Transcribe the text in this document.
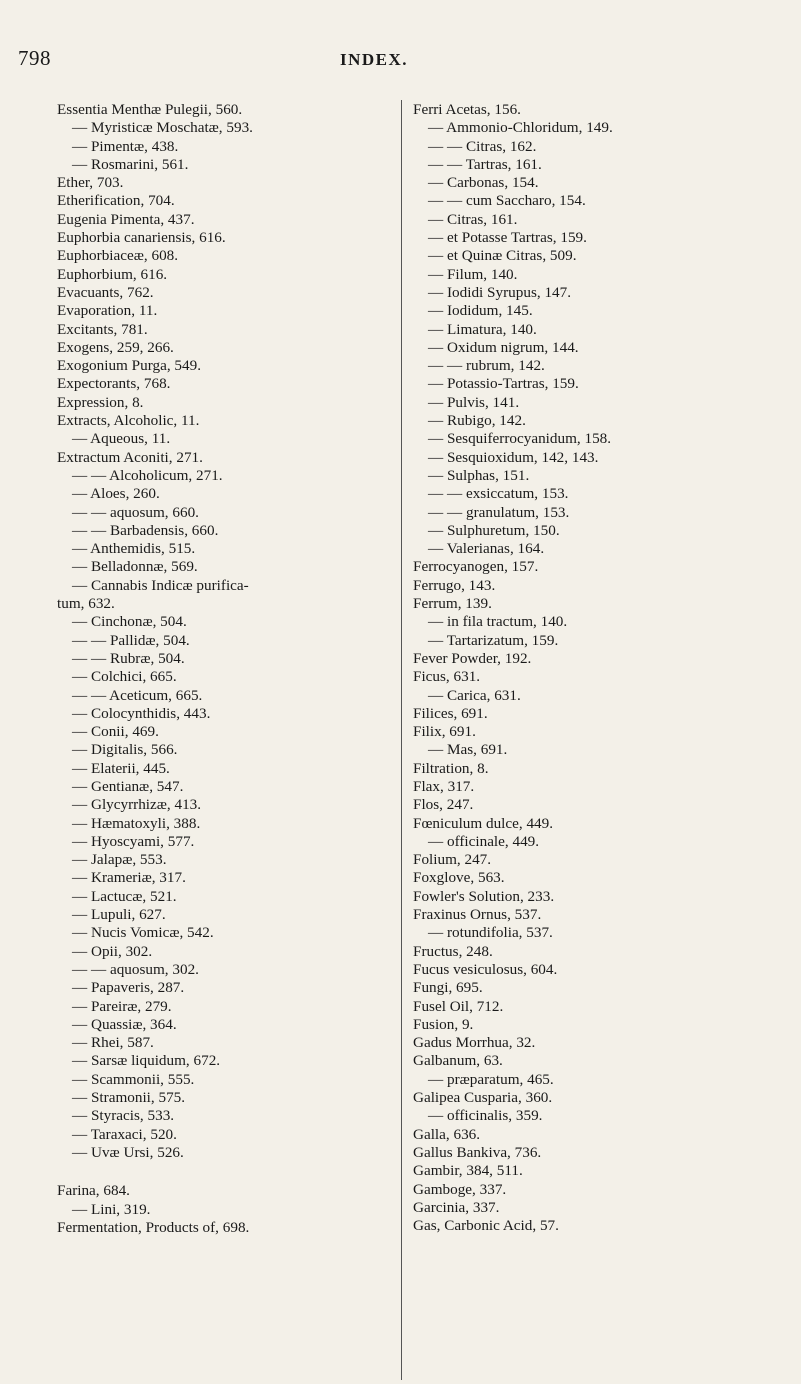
798	INDEX.
Essentia Menthæ Pulegii, 560.
— Myristicæ Moschatæ, 593.
— Pimentæ, 438.
— Rosmarini, 561.
Ether, 703.
Etherification, 704.
Eugenia Pimenta, 437.
Euphorbia canariensis, 616.
Euphorbiaceæ, 608.
Euphorbium, 616.
Evacuants, 762.
Evaporation, 11.
Excitants, 781.
Exogens, 259, 266.
Exogonium Purga, 549.
Expectorants, 768.
Expression, 8.
Extracts, Alcoholic, 11.
— Aqueous, 11.
Extractum Aconiti, 271.
— — Alcoholicum, 271.
— Aloes, 260.
— — aquosum, 660.
— — Barbadensis, 660.
— Anthemidis, 515.
— Belladonnæ, 569.
— Cannabis Indicæ purifica-
tum, 632.
— Cinchonæ, 504.
— — Pallidæ, 504.
— — Rubræ, 504.
— Colchici, 665.
— — Aceticum, 665.
— Colocynthidis, 443.
— Conii, 469.
— Digitalis, 566.
— Elaterii, 445.
— Gentianæ, 547.
— Glycyrrhizæ, 413.
— Hæmatoxyli, 388.
— Hyoscyami, 577.
— Jalapæ, 553.
— Krameriæ, 317.
— Lactucæ, 521.
— Lupuli, 627.
— Nucis Vomicæ, 542.
— Opii, 302.
— — aquosum, 302.
— Papaveris, 287.
— Pareiræ, 279.
— Quassiæ, 364.
— Rhei, 587.
— Sarsæ liquidum, 672.
— Scammonii, 555.
— Stramonii, 575.
— Styracis, 533.
— Taraxaci, 520.
— Uvæ Ursi, 526.
Farina, 684.
— Lini, 319.
Fermentation, Products of, 698.
Ferri Acetas, 156.
— Ammonio-Chloridum, 149.
— — Citras, 162.
— — Tartras, 161.
— Carbonas, 154.
— — cum Saccharo, 154.
— Citras, 161.
— et Potasse Tartras, 159.
— et Quinæ Citras, 509.
— Filum, 140.
— Iodidi Syrupus, 147.
— Iodidum, 145.
— Limatura, 140.
— Oxidum nigrum, 144.
— — rubrum, 142.
— Potassio-Tartras, 159.
— Pulvis, 141.
— Rubigo, 142.
— Sesquiferrocyanidum, 158.
— Sesquioxidum, 142, 143.
— Sulphas, 151.
— — exsiccatum, 153.
— — granulatum, 153.
— Sulphuretum, 150.
— Valerianas, 164.
Ferrocyanogen, 157.
Ferrugo, 143.
Ferrum, 139.
— in fila tractum, 140.
— Tartarizatum, 159.
Fever Powder, 192.
Ficus, 631.
— Carica, 631.
Filices, 691.
Filix, 691.
— Mas, 691.
Filtration, 8.
Flax, 317.
Flos, 247.
Fœniculum dulce, 449.
— officinale, 449.
Folium, 247.
Foxglove, 563.
Fowler's Solution, 233.
Fraxinus Ornus, 537.
— rotundifolia, 537.
Fructus, 248.
Fucus vesiculosus, 604.
Fungi, 695.
Fusel Oil, 712.
Fusion, 9.
Gadus Morrhua, 32.
Galbanum, 63.
— præparatum, 465.
Galipea Cusparia, 360.
— officinalis, 359.
Galla, 636.
Gallus Bankiva, 736.
Gambir, 384, 511.
Gamboge, 337.
Garcinia, 337.
Gas, Carbonic Acid, 57.
